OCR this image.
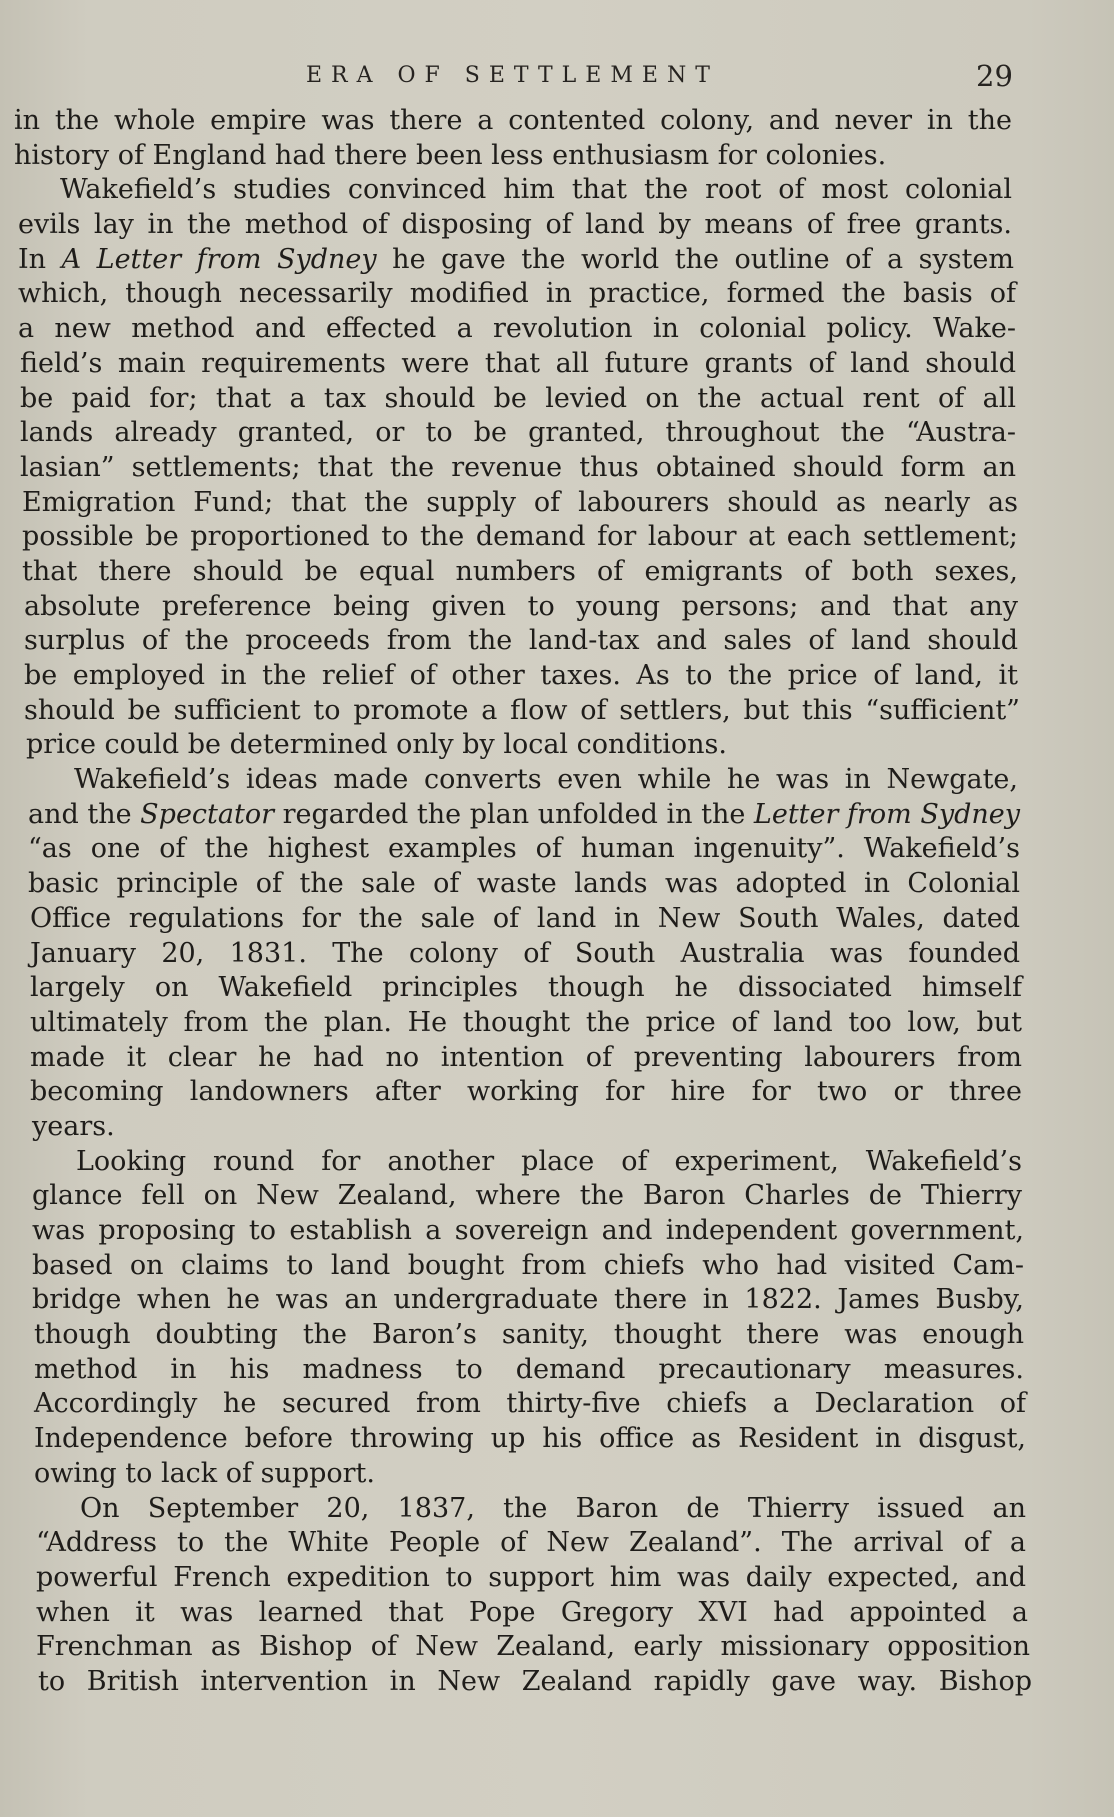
ERA OF SETTLEMENT	29
in the whole empire was there a contented colony, and never in the
history of England had there been less enthusiasm for colonies.
Wakefield’s studies convinced him that the root of most colonial
evils lay in the method of disposing of land by means of free grants.
In A Letter from Sydney he gave the world the outline of a system
which, though necessarily modified in practice, formed the basis of
a new method and effected a revolution in colonial policy. Wake-
field’s main requirements were that all future grants of land should
be paid for; that a tax should be levied on the actual rent of all
lands already granted, or to be granted, throughout the “Austra-
lasian” settlements; that the revenue thus obtained should form an
Emigration Fund; that the supply of labourers should as nearly as
possible be proportioned to the demand for labour at each settlement;
that there should be equal numbers of emigrants of both sexes,
absolute preference being given to young persons; and that any
surplus of the proceeds from the land-tax and sales of land should
be employed in the relief of other taxes. As to the price of land, it
should be sufficient to promote a flow of settlers, but this “sufficient”
price could be determined only by local conditions.
Wakefield’s ideas made converts even while he was in Newgate,
and the Spectator regarded the plan unfolded in the Letter from Sydney
“as one of the highest examples of human ingenuity”. Wakefield’s
basic principle of the sale of waste lands was adopted in Colonial
Office regulations for the sale of land in New South Wales, dated
January 20, 1831. The colony of South Australia was founded
largely on Wakefield principles though he dissociated himself
ultimately from the plan. He thought the price of land too low, but
made it clear he had no intention of preventing labourers from
becoming landowners after working for hire for two or three
years.
Looking round for another place of experiment, Wakefield’s
glance fell on New Zealand, where the Baron Charles de Thierry
was proposing to establish a sovereign and independent government,
based on claims to land bought from chiefs who had visited Cam-
bridge when he was an undergraduate there in 1822. James Busby,
though doubting the Baron’s sanity, thought there was enough
method in his madness to demand precautionary measures.
Accordingly he secured from thirty-five chiefs a Declaration of
Independence before throwing up his office as Resident in disgust,
owing to lack of support.
On September 20, 1837, the Baron de Thierry issued an
“Address to the White People of New Zealand”. The arrival of a
powerful French expedition to support him was daily expected, and
when it was learned that Pope Gregory XVI had appointed a
Frenchman as Bishop of New Zealand, early missionary opposition
to British intervention in New Zealand rapidly gave way. Bishop
